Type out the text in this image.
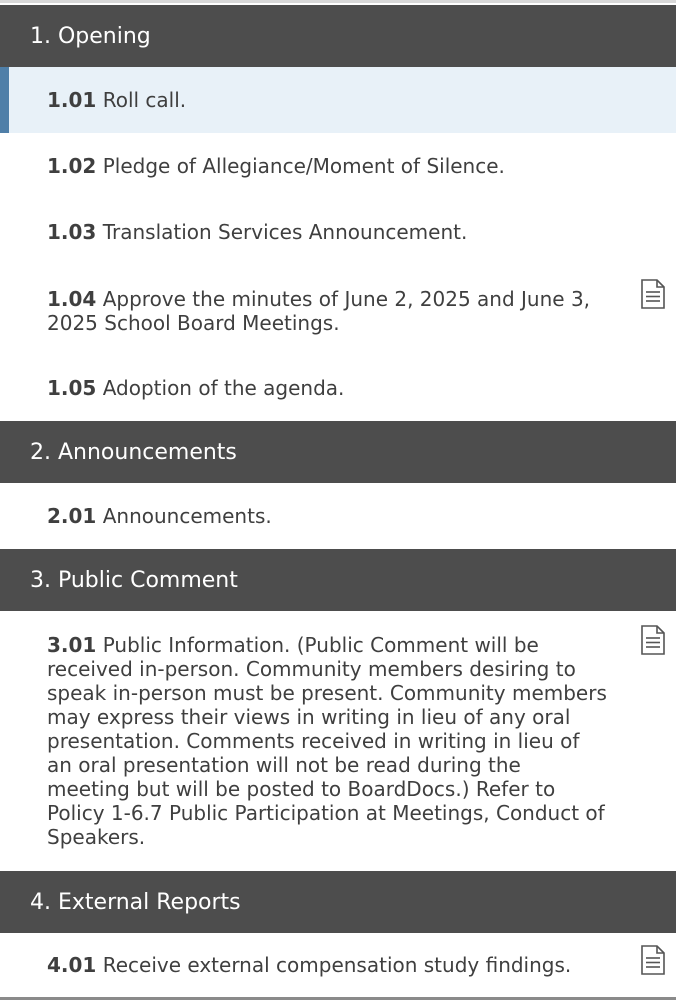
1. Opening
1.01 Roll call.
1.02 Pledge of Allegiance/Moment of Silence.
1.03 Translation Services Announcement.
1.04 Approve the minutes of June 2, 2025 and June 3, 2025 School Board Meetings.
1.05 Adoption of the agenda.
2. Announcements
2.01 Announcements.
3. Public Comment
3.01 Public Information. (Public Comment will be received in-person. Community members desiring to speak in-person must be present. Community members may express their views in writing in lieu of any oral presentation. Comments received in writing in lieu of an oral presentation will not be read during the meeting but will be posted to BoardDocs.) Refer to Policy 1-6.7 Public Participation at Meetings, Conduct of Speakers.
4. External Reports
4.01 Receive external compensation study findings.
